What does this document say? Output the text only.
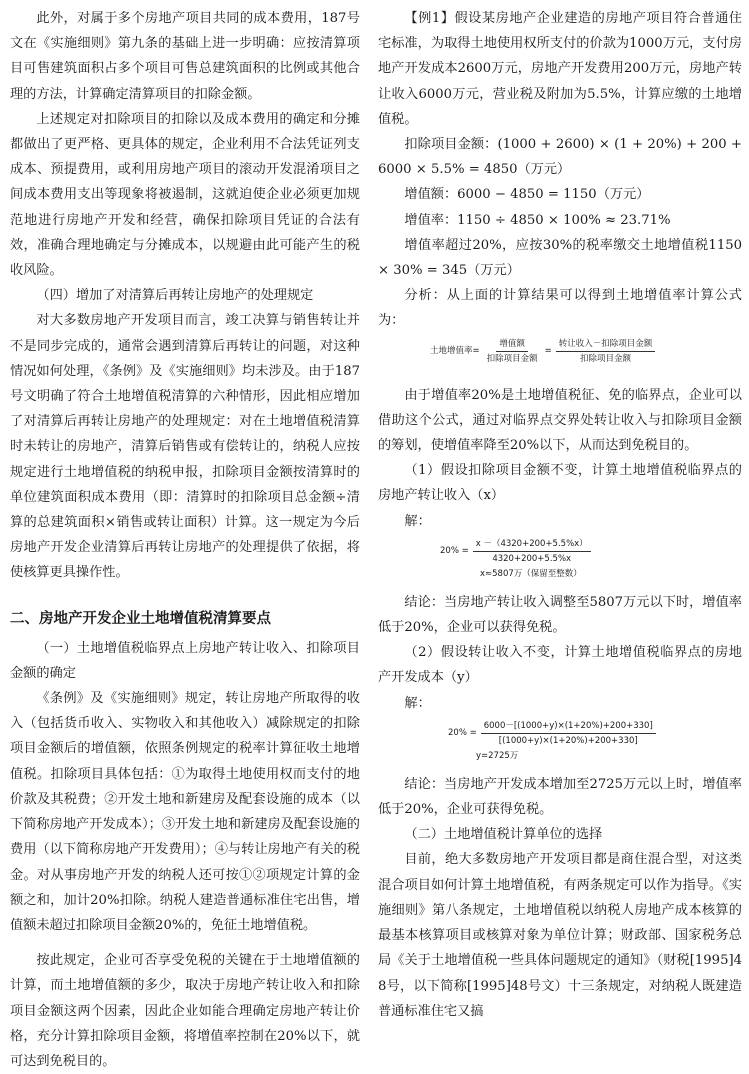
此外，对属于多个房地产项目共同的成本费用，187号文在《实施细则》第九条的基础上进一步明确：应按清算项目可售建筑面积占多个项目可售总建筑面积的比例或其他合理的方法，计算确定清算项目的扣除金额。

上述规定对扣除项目的扣除以及成本费用的确定和分摊都做出了更严格、更具体的规定，企业利用不合法凭证列支成本、预提费用，或利用房地产项目的滚动开发混淆项目之间成本费用支出等现象将被遏制，这就迫使企业必须更加规范地进行房地产开发和经营，确保扣除项目凭证的合法有效，准确合理地确定与分摊成本，以规避由此可能产生的税收风险。

（四）增加了对清算后再转让房地产的处理规定

对大多数房地产开发项目而言，竣工决算与销售转让并不是同步完成的，通常会遇到清算后再转让的问题，对这种情况如何处理，《条例》及《实施细则》均未涉及。由于187号文明确了符合土地增值税清算的六种情形，因此相应增加了对清算后再转让房地产的处理规定：对在土地增值税清算时未转让的房地产，清算后销售或有偿转让的，纳税人应按规定进行土地增值税的纳税申报，扣除项目金额按清算时的单位建筑面积成本费用（即：清算时的扣除项目总金额÷清算的总建筑面积×销售或转让面积）计算。这一规定为今后房地产开发企业清算后再转让房地产的处理提供了依据，将使核算更具操作性。

二、房地产开发企业土地增值税清算要点

（一）土地增值税临界点上房地产转让收入、扣除项目金额的确定

《条例》及《实施细则》规定，转让房地产所取得的收入（包括货币收入、实物收入和其他收入）减除规定的扣除项目金额后的增值额，依照条例规定的税率计算征收土地增值税。扣除项目具体包括：①为取得土地使用权而支付的地价款及其税费；②开发土地和新建房及配套设施的成本（以下简称房地产开发成本）；③开发土地和新建房及配套设施的费用（以下简称房地产开发费用）；④与转让房地产有关的税金。对从事房地产开发的纳税人还可按①②项规定计算的金额之和，加计20%扣除。纳税人建造普通标准住宅出售，增值额未超过扣除项目金额20%的，免征土地增值税。

按此规定，企业可否享受免税的关键在于土地增值额的计算，而土地增值额的多少，取决于房地产转让收入和扣除项目金额这两个因素，因此企业如能合理确定房地产转让价格，充分计算扣除项目金额，将增值率控制在20%以下，就可达到免税目的。

【例1】假设某房地产企业建造的房地产项目符合普通住宅标准，为取得土地使用权所支付的价款为1000万元，支付房地产开发成本2600万元，房地产开发费用200万元，房地产转让收入6000万元，营业税及附加为5.5%，计算应缴的土地增值税。

扣除项目金额：(1000 + 2600) × (1 + 20%) + 200 + 6000 × 5.5% = 4850（万元）

增值额：6000 − 4850 = 1150（万元）

增值率：1150 ÷ 4850 × 100% ≈ 23.71%

增值率超过20%，应按30%的税率缴交土地增值税1150 × 30% = 345（万元）

分析：从上面的计算结果可以得到土地增值率计算公式为：

土地增值率= $\frac{\text{增值额}}{\text{扣除项目金额}} = \frac{\text{转让收入－扣除项目金额}}{\text{扣除项目金额}}$

由于增值率20%是土地增值税征、免的临界点，企业可以借助这个公式，通过对临界点交界处转让收入与扣除项目金额的筹划，使增值率降至20%以下，从而达到免税目的。

（1）假设扣除项目金额不变，计算土地增值税临界点的房地产转让收入（x）

解：

$20\% = \frac{x -(4320+200+5.5\%x)}{4320+200+5.5\%x}$
x≈5807万（保留至整数）

结论：当房地产转让收入调整至5807万元以下时，增值率低于20%，企业可以获得免税。

（2）假设转让收入不变，计算土地增值税临界点的房地产开发成本（y）

解：

$20\% = \frac{6000-[(1000+y)\times(1+20\%)+200+330]}{[(1000+y)\times(1+20\%)+200+330]}$
y=2725万

结论：当房地产开发成本增加至2725万元以上时，增值率低于20%，企业可获得免税。

（二）土地增值税计算单位的选择

目前，绝大多数房地产开发项目都是商住混合型，对这类混合项目如何计算土地增值税，有两条规定可以作为指导。《实施细则》第八条规定，土地增值税以纳税人房地产成本核算的最基本核算项目或核算对象为单位计算；财政部、国家税务总局《关于土地增值税一些具体问题规定的通知》（财税[1995]48号，以下简称[1995]48号文）十三条规定，对纳税人既建造普通标准住宅又搞
